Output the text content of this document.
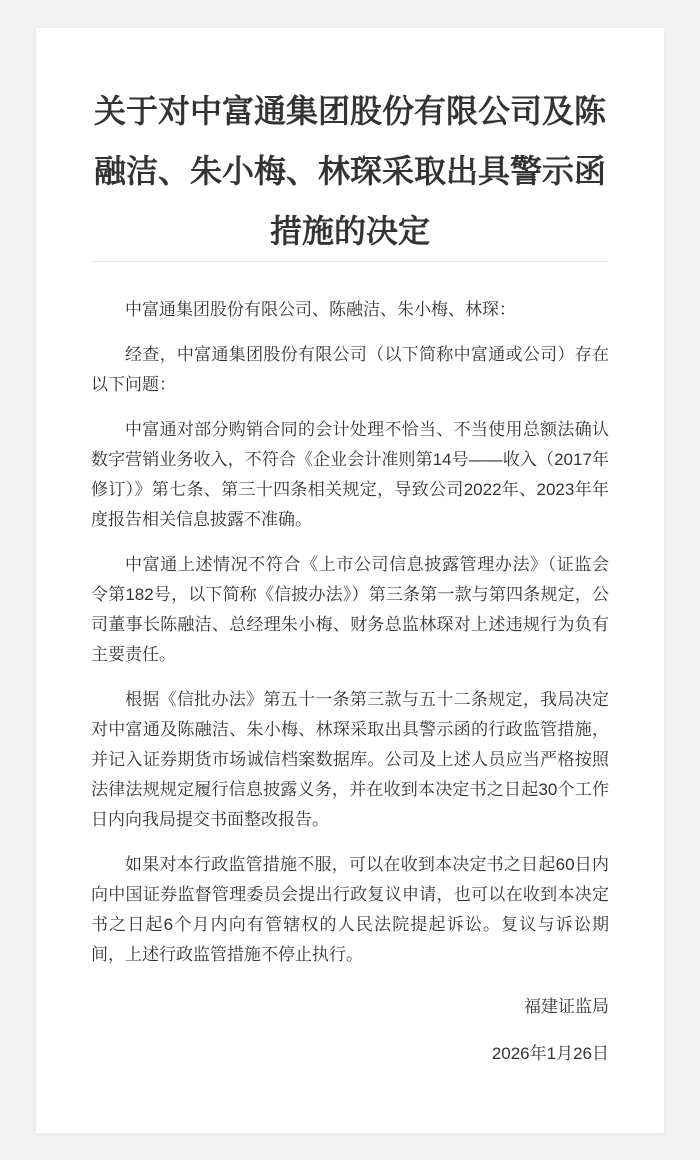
关于对中富通集团股份有限公司及陈融洁、朱小梅、林琛采取出具警示函措施的决定

中富通集团股份有限公司、陈融洁、朱小梅、林琛：

经查，中富通集团股份有限公司（以下简称中富通或公司）存在以下问题：

中富通对部分购销合同的会计处理不恰当、不当使用总额法确认数字营销业务收入，不符合《企业会计准则第14号——收入（2017年修订）》第七条、第三十四条相关规定，导致公司2022年、2023年年度报告相关信息披露不准确。

中富通上述情况不符合《上市公司信息披露管理办法》（证监会令第182号，以下简称《信披办法》）第三条第一款与第四条规定，公司董事长陈融洁、总经理朱小梅、财务总监林琛对上述违规行为负有主要责任。

根据《信批办法》第五十一条第三款与五十二条规定，我局决定对中富通及陈融洁、朱小梅、林琛采取出具警示函的行政监管措施，并记入证券期货市场诚信档案数据库。公司及上述人员应当严格按照法律法规规定履行信息披露义务，并在收到本决定书之日起30个工作日内向我局提交书面整改报告。

如果对本行政监管措施不服，可以在收到本决定书之日起60日内向中国证券监督管理委员会提出行政复议申请，也可以在收到本决定书之日起6个月内向有管辖权的人民法院提起诉讼。复议与诉讼期间，上述行政监管措施不停止执行。

福建证监局

2026年1月26日
